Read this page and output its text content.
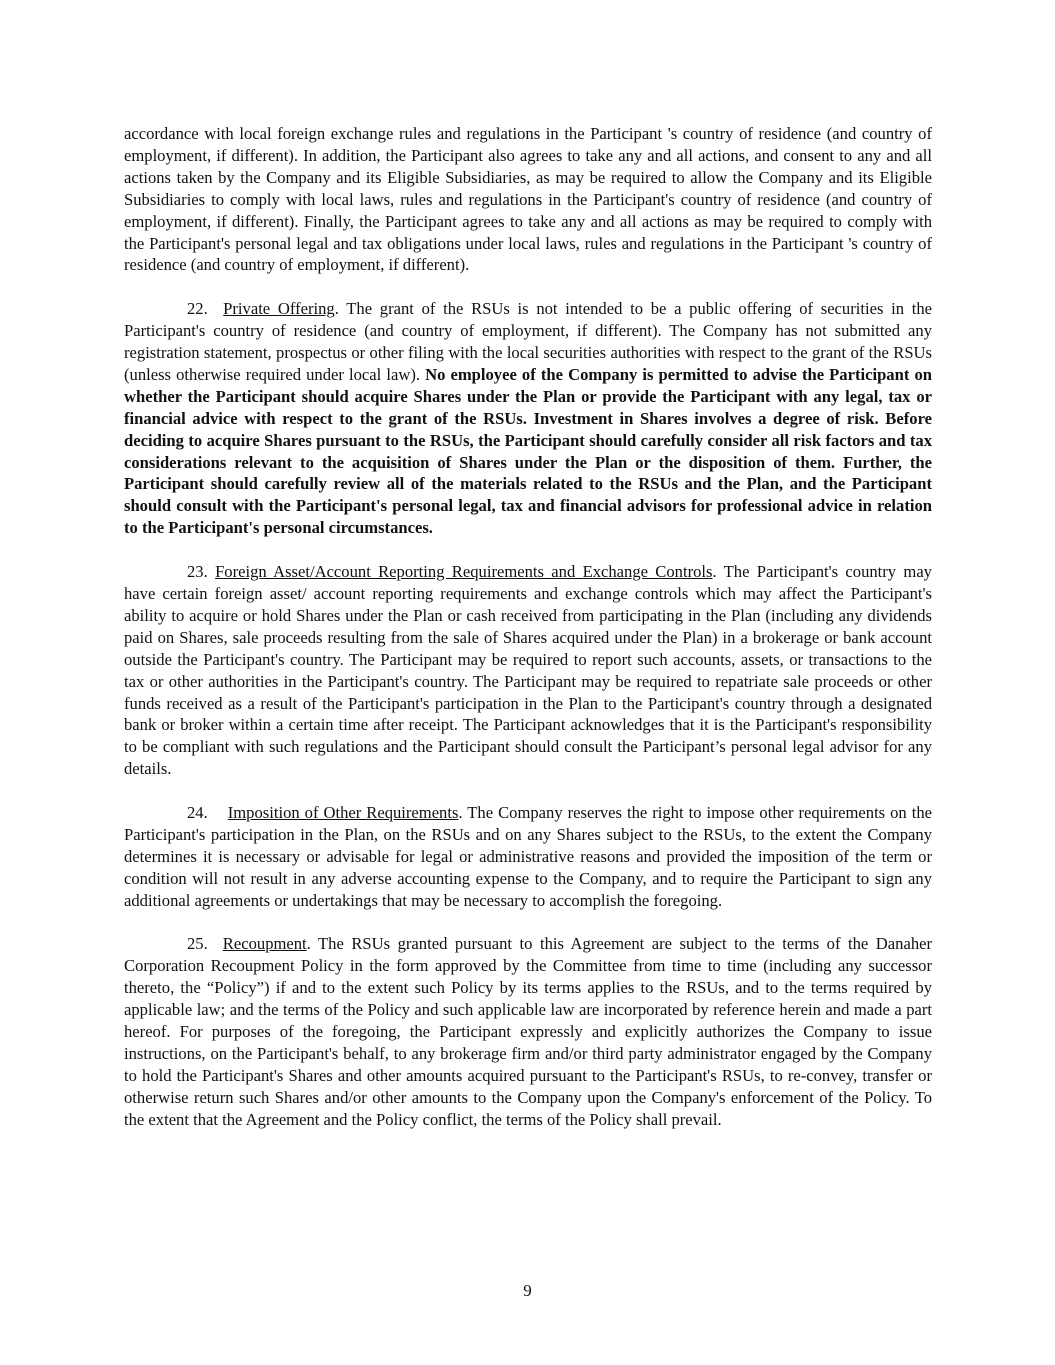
accordance with local foreign exchange rules and regulations in the Participant 's country of residence (and country of employment, if different). In addition, the Participant also agrees to take any and all actions, and consent to any and all actions taken by the Company and its Eligible Subsidiaries, as may be required to allow the Company and its Eligible Subsidiaries to comply with local laws, rules and regulations in the Participant's country of residence (and country of employment, if different). Finally, the Participant agrees to take any and all actions as may be required to comply with the Participant's personal legal and tax obligations under local laws, rules and regulations in the Participant 's country of residence (and country of employment, if different).

22. Private Offering. The grant of the RSUs is not intended to be a public offering of securities in the Participant's country of residence (and country of employment, if different). The Company has not submitted any registration statement, prospectus or other filing with the local securities authorities with respect to the grant of the RSUs (unless otherwise required under local law). No employee of the Company is permitted to advise the Participant on whether the Participant should acquire Shares under the Plan or provide the Participant with any legal, tax or financial advice with respect to the grant of the RSUs. Investment in Shares involves a degree of risk. Before deciding to acquire Shares pursuant to the RSUs, the Participant should carefully consider all risk factors and tax considerations relevant to the acquisition of Shares under the Plan or the disposition of them. Further, the Participant should carefully review all of the materials related to the RSUs and the Plan, and the Participant should consult with the Participant's personal legal, tax and financial advisors for professional advice in relation to the Participant's personal circumstances.

23. Foreign Asset/Account Reporting Requirements and Exchange Controls. The Participant's country may have certain foreign asset/ account reporting requirements and exchange controls which may affect the Participant's ability to acquire or hold Shares under the Plan or cash received from participating in the Plan (including any dividends paid on Shares, sale proceeds resulting from the sale of Shares acquired under the Plan) in a brokerage or bank account outside the Participant's country. The Participant may be required to report such accounts, assets, or transactions to the tax or other authorities in the Participant's country. The Participant may be required to repatriate sale proceeds or other funds received as a result of the Participant's participation in the Plan to the Participant's country through a designated bank or broker within a certain time after receipt. The Participant acknowledges that it is the Participant's responsibility to be compliant with such regulations and the Participant should consult the Participant’s personal legal advisor for any details.

24. Imposition of Other Requirements. The Company reserves the right to impose other requirements on the Participant's participation in the Plan, on the RSUs and on any Shares subject to the RSUs, to the extent the Company determines it is necessary or advisable for legal or administrative reasons and provided the imposition of the term or condition will not result in any adverse accounting expense to the Company, and to require the Participant to sign any additional agreements or undertakings that may be necessary to accomplish the foregoing.

25. Recoupment. The RSUs granted pursuant to this Agreement are subject to the terms of the Danaher Corporation Recoupment Policy in the form approved by the Committee from time to time (including any successor thereto, the “Policy”) if and to the extent such Policy by its terms applies to the RSUs, and to the terms required by applicable law; and the terms of the Policy and such applicable law are incorporated by reference herein and made a part hereof. For purposes of the foregoing, the Participant expressly and explicitly authorizes the Company to issue instructions, on the Participant's behalf, to any brokerage firm and/or third party administrator engaged by the Company to hold the Participant's Shares and other amounts acquired pursuant to the Participant's RSUs, to re-convey, transfer or otherwise return such Shares and/or other amounts to the Company upon the Company's enforcement of the Policy. To the extent that the Agreement and the Policy conflict, the terms of the Policy shall prevail.

9
